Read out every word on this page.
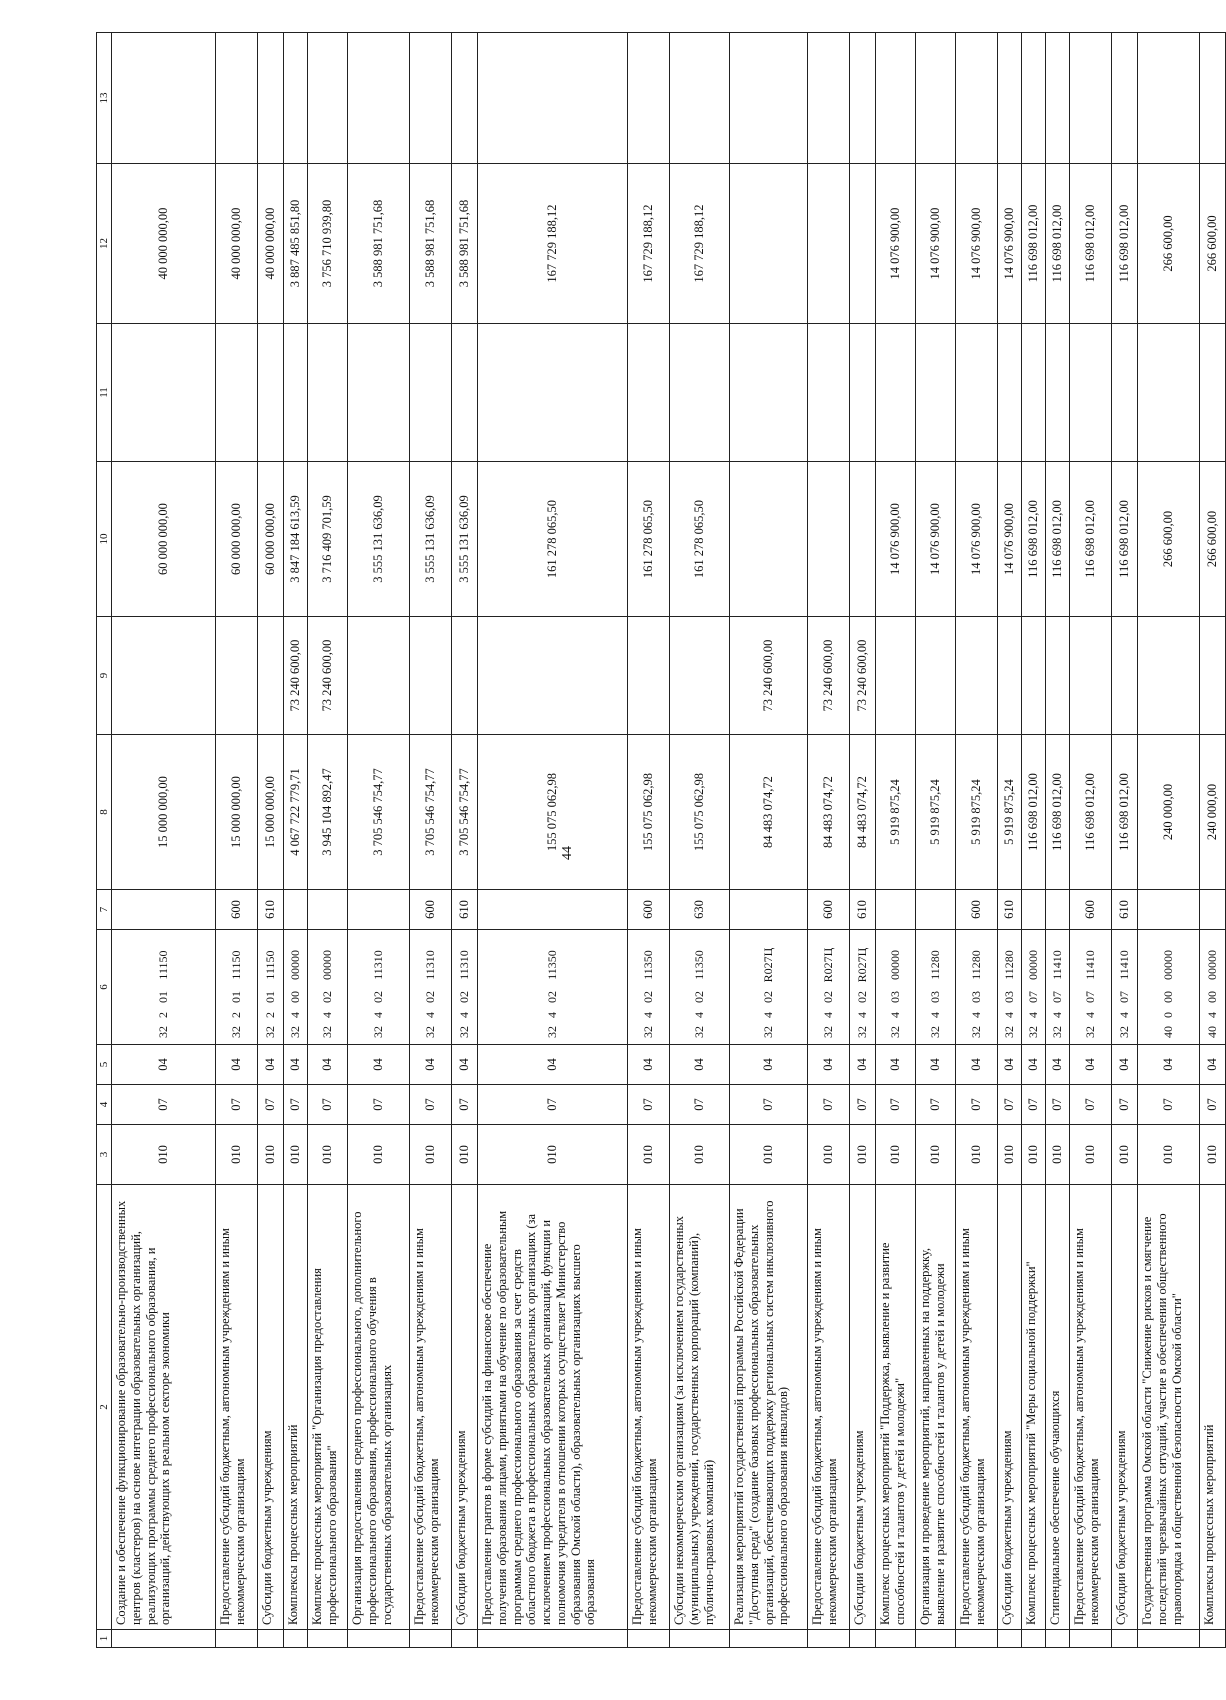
44
1	2	3	4	5	6	7	8	9	10	11	12	13
	Создание и обеспечение функционирование образовательно-производственных центров (кластеров) на основе интеграции образовательных организаций, реализующих программы среднего профессионального образования, и организаций, действующих в реальном секторе экономики	010	07	04	3220111150		15 000 000,00		60 000 000,00		40 000 000,00	
	Предоставление субсидий бюджетным, автономным учреждениям и иным некоммерческим организациям	010	07	04	3220111150	600	15 000 000,00		60 000 000,00		40 000 000,00	
	Субсидии бюджетным учреждениям	010	07	04	3220111150	610	15 000 000,00		60 000 000,00		40 000 000,00	
	Комплексы процессных мероприятий	010	07	04	3240000000		4 067 722 779,71	73 240 600,00	3 847 184 613,59		3 887 485 851,80	
	Комплекс процессных мероприятий "Организация предоставления профессионального образования"	010	07	04	3240200000		3 945 104 892,47	73 240 600,00	3 716 409 701,59		3 756 710 939,80	
	Организация предоставления среднего профессионального, дополнительного профессионального образования, профессионального обучения в государственных образовательных организациях	010	07	04	3240211310		3 705 546 754,77		3 555 131 636,09		3 588 981 751,68	
	Предоставление субсидий бюджетным, автономным учреждениям и иным некоммерческим организациям	010	07	04	3240211310	600	3 705 546 754,77		3 555 131 636,09		3 588 981 751,68	
	Субсидии бюджетным учреждениям	010	07	04	3240211310	610	3 705 546 754,77		3 555 131 636,09		3 588 981 751,68	
	Предоставление грантов в форме субсидий на финансовое обеспечение получения образования лицами, принятыми на обучение по образовательным программам среднего профессионального образования за счет средств областного бюджета в профессиональных образовательных организациях (за исключением профессиональных образовательных организаций, функции и полномочия учредителя в отношении которых осуществляет Министерство образования Омской области), образовательных организациях высшего образования	010	07	04	3240211350		155 075 062,98		161 278 065,50		167 729 188,12	
	Предоставление субсидий бюджетным, автономным учреждениям и иным некоммерческим организациям	010	07	04	3240211350	600	155 075 062,98		161 278 065,50		167 729 188,12	
	Субсидии некоммерческим организациям (за исключением государственных (муниципальных) учреждений, государственных корпораций (компаний), публично-правовых компаний)	010	07	04	3240211350	630	155 075 062,98		161 278 065,50		167 729 188,12	
	Реализация мероприятий государственной программы Российской Федерации "Доступная среда" (создание базовых профессиональных образовательных организаций, обеспечивающих поддержку региональных систем инклюзивного профессионального образования инвалидов)	010	07	04	32402R027Ц		84 483 074,72	73 240 600,00				
	Предоставление субсидий бюджетным, автономным учреждениям и иным некоммерческим организациям	010	07	04	32402R027Ц	600	84 483 074,72	73 240 600,00				
	Субсидии бюджетным учреждениям	010	07	04	32402R027Ц	610	84 483 074,72	73 240 600,00				
	Комплекс процессных мероприятий "Поддержка, выявление и развитие способностей и талантов у детей и молодежи"	010	07	04	3240300000		5 919 875,24		14 076 900,00		14 076 900,00	
	Организация и проведение мероприятий, направленных на поддержку, выявление и развитие способностей и талантов у детей и молодежи	010	07	04	3240311280		5 919 875,24		14 076 900,00		14 076 900,00	
	Предоставление субсидий бюджетным, автономным учреждениям и иным некоммерческим организациям	010	07	04	3240311280	600	5 919 875,24		14 076 900,00		14 076 900,00	
	Субсидии бюджетным учреждениям	010	07	04	3240311280	610	5 919 875,24		14 076 900,00		14 076 900,00	
	Комплекс процессных мероприятий "Меры социальной поддержки"	010	07	04	3240700000		116 698 012,00		116 698 012,00		116 698 012,00	
	Стипендиальное обеспечение обучающихся	010	07	04	3240711410		116 698 012,00		116 698 012,00		116 698 012,00	
	Предоставление субсидий бюджетным, автономным учреждениям и иным некоммерческим организациям	010	07	04	3240711410	600	116 698 012,00		116 698 012,00		116 698 012,00	
	Субсидии бюджетным учреждениям	010	07	04	3240711410	610	116 698 012,00		116 698 012,00		116 698 012,00	
	Государственная программа Омской области "Снижение рисков и смягчение последствий чрезвычайных ситуаций, участие в обеспечении общественного правопорядка и общественной безопасности Омской области"	010	07	04	4000000000		240 000,00		266 600,00		266 600,00	
	Комплексы процессных мероприятий	010	07	04	4040000000		240 000,00		266 600,00		266 600,00	
